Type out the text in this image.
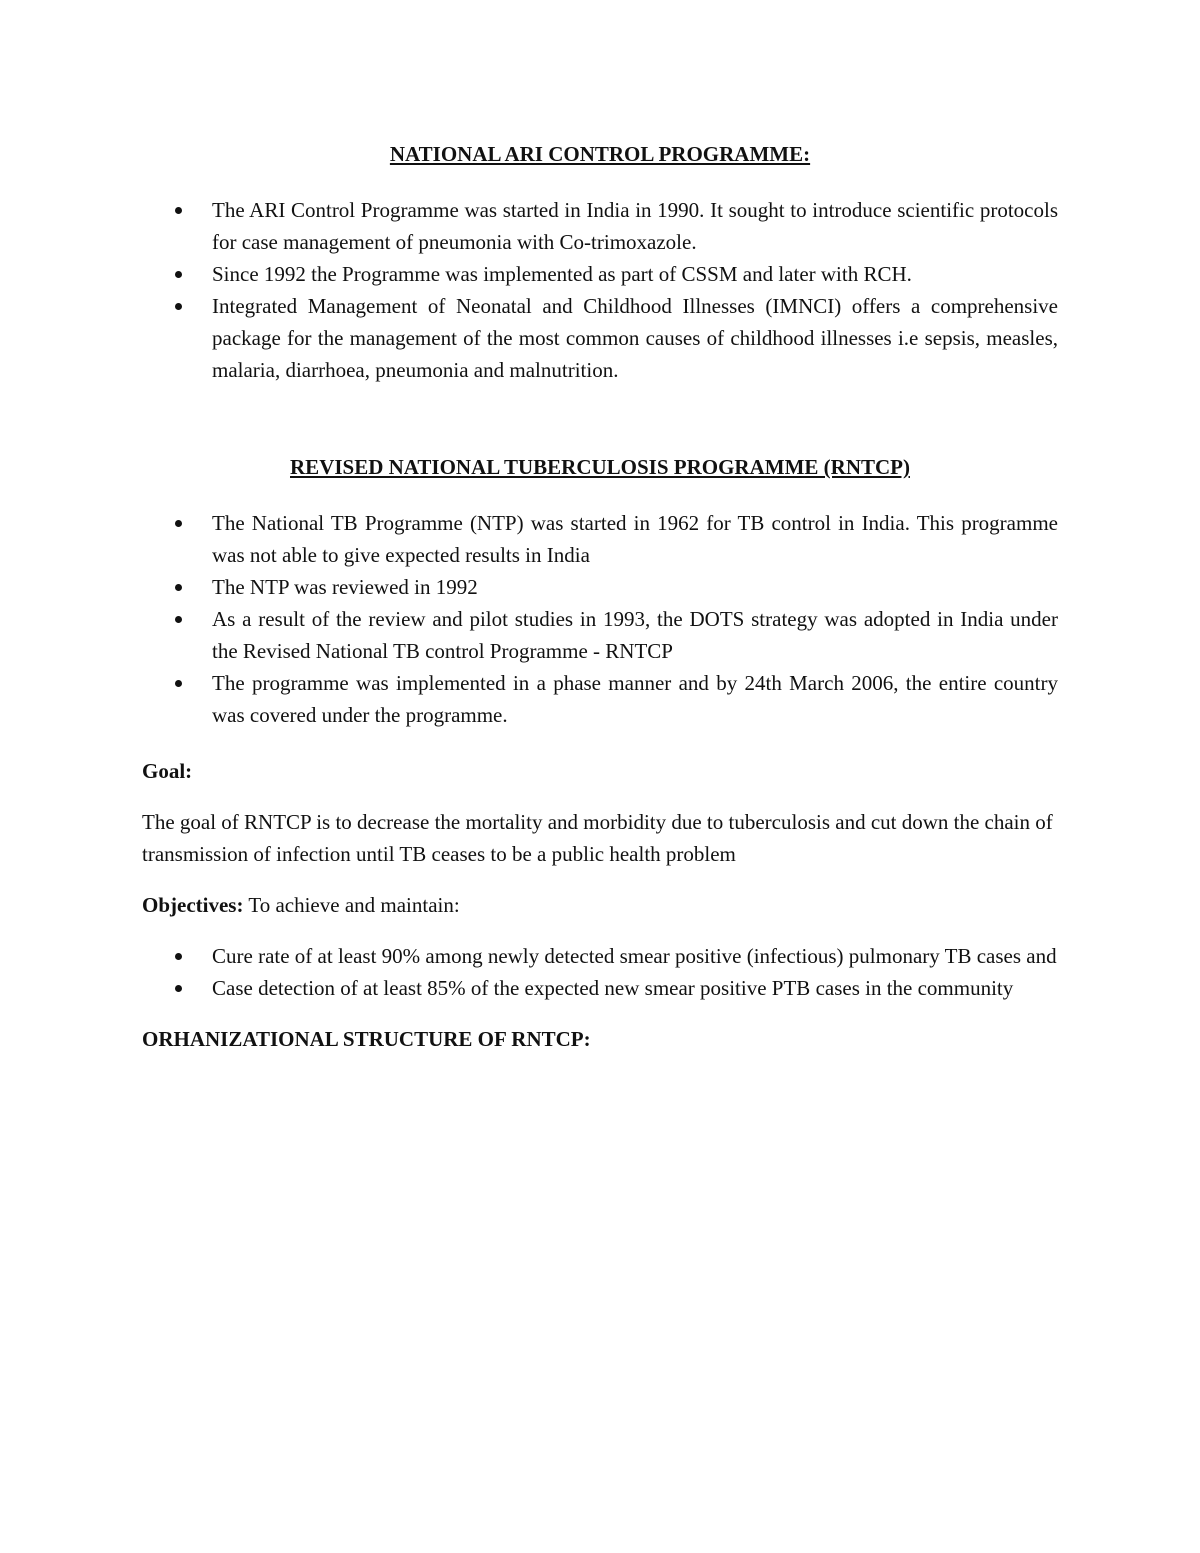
NATIONAL ARI CONTROL PROGRAMME:
The ARI Control Programme was started in India in 1990. It sought to introduce scientific protocols for case management of pneumonia with Co-trimoxazole.
Since 1992 the Programme was implemented as part of CSSM and later with RCH.
Integrated Management of Neonatal and Childhood Illnesses (IMNCI) offers a comprehensive package for the management of the most common causes of childhood illnesses i.e sepsis, measles, malaria, diarrhoea, pneumonia and malnutrition.
REVISED NATIONAL TUBERCULOSIS PROGRAMME (RNTCP)
The National TB Programme (NTP) was started in 1962 for TB control in India. This programme was not able to give expected results in India
The NTP was reviewed in 1992
As a result of the review and pilot studies in 1993, the DOTS strategy was adopted in India under the Revised National TB control Programme - RNTCP
The programme was implemented in a phase manner and by 24th March 2006, the entire country was covered under the programme.

Goal:

The goal of RNTCP is to decrease the mortality and morbidity due to tuberculosis and cut down the chain of transmission of infection until TB ceases to be a public health problem

Objectives: To achieve and maintain:

Cure rate of at least 90% among newly detected smear positive (infectious) pulmonary TB cases and
Case detection of at least 85% of the expected new smear positive PTB cases in the community

ORHANIZATIONAL STRUCTURE OF RNTCP:
